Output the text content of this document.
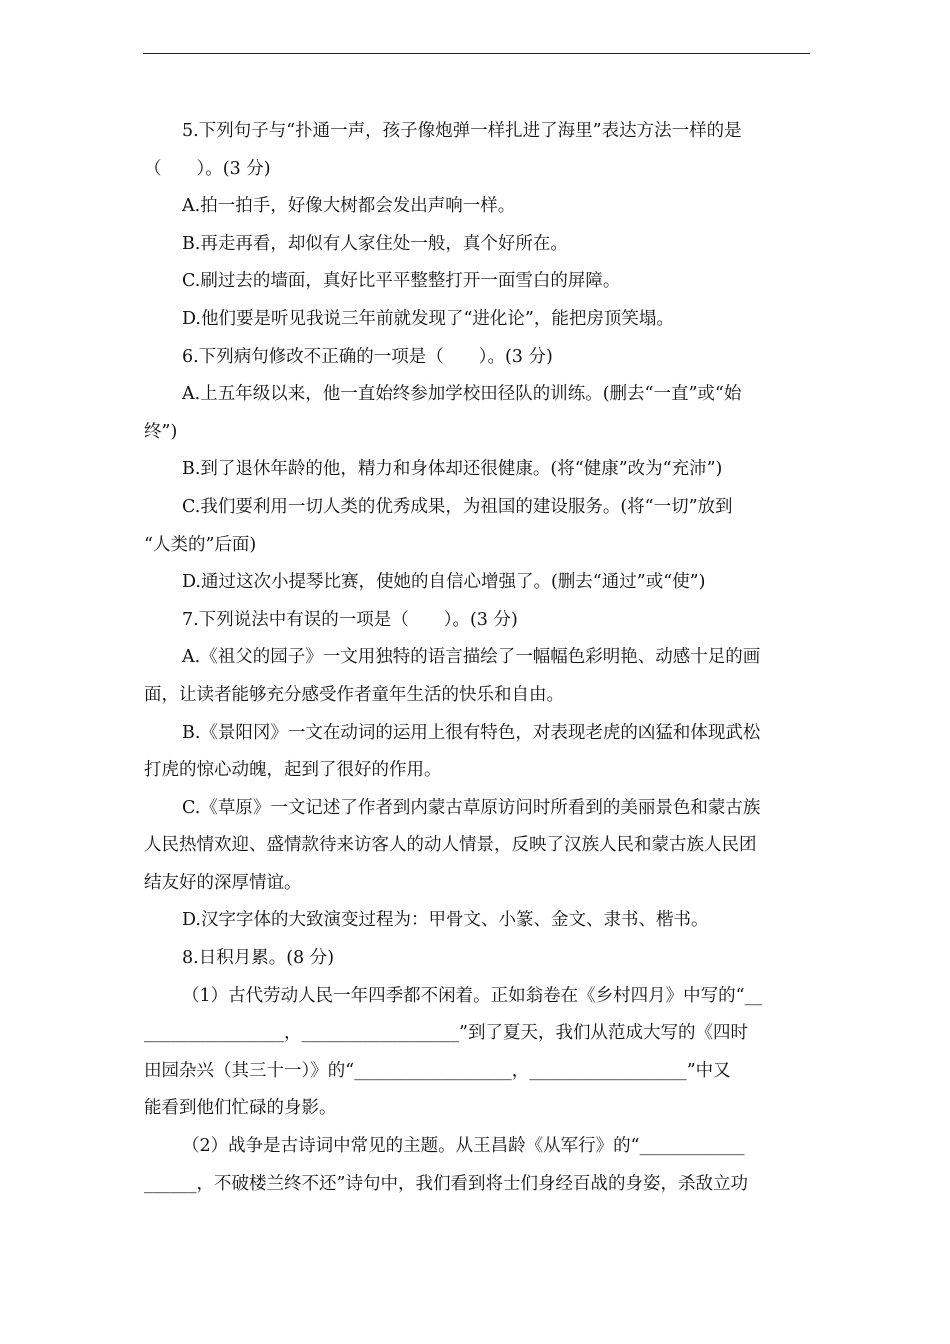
5.下列句子与“扑通一声，孩子像炮弹一样扎进了海里”表达方法一样的是
（　　）。(3 分)
A.拍一拍手，好像大树都会发出声响一样。
B.再走再看，却似有人家住处一般，真个好所在。
C.刷过去的墙面，真好比平平整整打开一面雪白的屏障。
D.他们要是听见我说三年前就发现了“进化论”，能把房顶笑塌。
6.下列病句修改不正确的一项是（　　）。(3 分)
A.上五年级以来，他一直始终参加学校田径队的训练。(删去“一直”或“始
终”)
B.到了退休年龄的他，精力和身体却还很健康。(将“健康”改为“充沛”)
C.我们要利用一切人类的优秀成果，为祖国的建设服务。(将“一切”放到
“人类的”后面)
D.通过这次小提琴比赛，使她的自信心增强了。(删去“通过”或“使”)
7.下列说法中有误的一项是（　　）。(3 分)
A.《祖父的园子》一文用独特的语言描绘了一幅幅色彩明艳、动感十足的画
面，让读者能够充分感受作者童年生活的快乐和自由。
B.《景阳冈》一文在动词的运用上很有特色，对表现老虎的凶猛和体现武松
打虎的惊心动魄，起到了很好的作用。
C.《草原》一文记述了作者到内蒙古草原访问时所看到的美丽景色和蒙古族
人民热情欢迎、盛情款待来访客人的动人情景，反映了汉族人民和蒙古族人民团
结友好的深厚情谊。
D.汉字字体的大致演变过程为：甲骨文、小篆、金文、隶书、楷书。
8.日积月累。(8 分)
（1）古代劳动人民一年四季都不闲着。正如翁卷在《乡村四月》中写的“__
________________，__________________”到了夏天，我们从范成大写的《四时
田园杂兴（其三十一）》的“__________________，__________________”中又
能看到他们忙碌的身影。
（2）战争是古诗词中常见的主题。从王昌龄《从军行》的“____________
______，不破楼兰终不还”诗句中，我们看到将士们身经百战的身姿，杀敌立功
